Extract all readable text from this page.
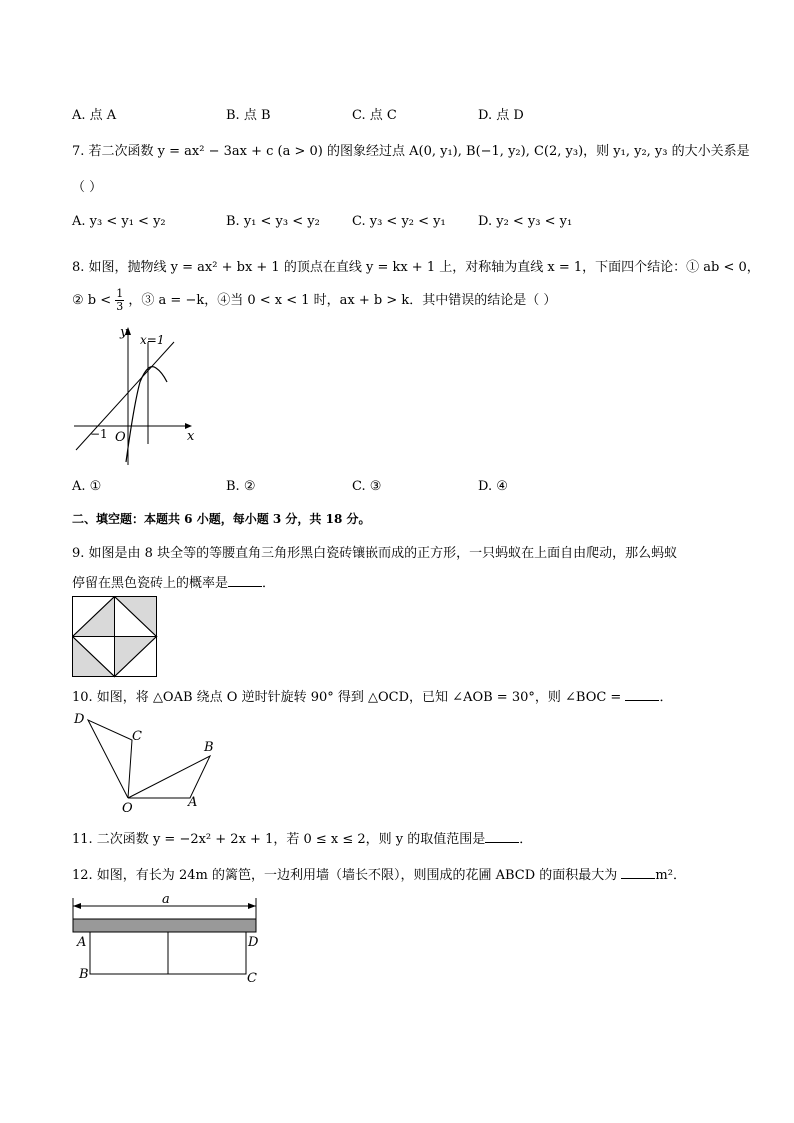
A. 点 A	B. 点 B	C. 点 C	D. 点 D
7. 若二次函数 y = ax² − 3ax + c (a > 0) 的图象经过点 A(0, y₁), B(−1, y₂), C(2, y₃)，则 y₁, y₂, y₃ 的大小关系是
（ ）
A. y₃ < y₁ < y₂	B. y₁ < y₃ < y₂ C. y₃ < y₂ < y₁ D. y₂ < y₃ < y₁
8. 如图，抛物线 y = ax² + bx + 1 的顶点在直线 y = kx + 1 上，对称轴为直线 x = 1，下面四个结论：① ab < 0，
② $b < \frac{1}{3}$ ，③ a = −k，④当 0 < x < 1 时，ax + b > k．其中错误的结论是（ ）
y
x
x=1
−1 O
A. ①	B. ②	C. ③	D. ④
二、填空题：本题共 6 小题，每小题 3 分，共 18 分。
9. 如图是由 8 块全等的等腰直角三角形黑白瓷砖镶嵌而成的正方形，一只蚂蚁在上面自由爬动，那么蚂蚁
停留在黑色瓷砖上的概率是	．
10. 如图，将 △OAB 绕点 O 逆时针旋转 90° 得到 △OCD，已知 ∠AOB = 30°，则 ∠BOC =	．
D
C
B
O	A
11. 二次函数 y = −2x² + 2x + 1，若 0 ≤ x ≤ 2，则 y 的取值范围是	．
12. 如图，有长为 24m 的篱笆，一边利用墙（墙长不限），则围成的花圃 ABCD 的面积最大为	m²．
a
A	D
B	C
